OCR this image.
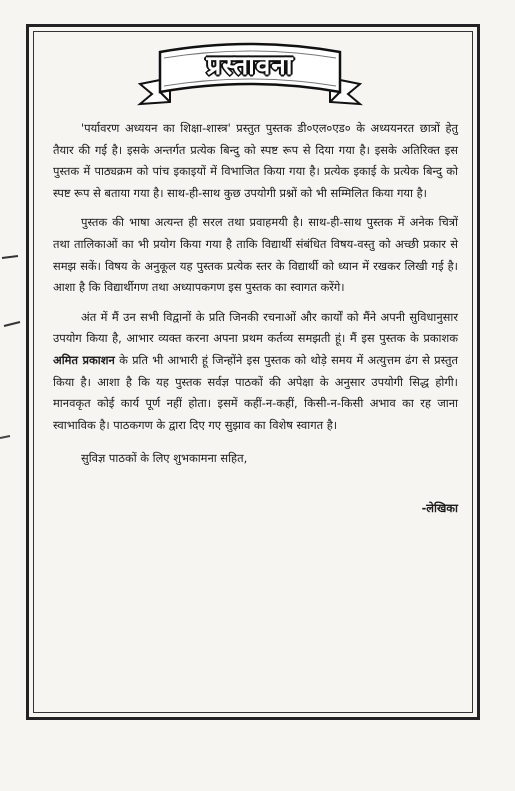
प्रस्तावना

'पर्यावरण अध्ययन का शिक्षा-शास्त्र' प्रस्तुत पुस्तक डी०एल०एड० के अध्ययनरत छात्रों हेतु तैयार की गई है। इसके अन्तर्गत प्रत्येक बिन्दु को स्पष्ट रूप से दिया गया है। इसके अतिरिक्त इस पुस्तक में पाठ्यक्रम को पांच इकाइयों में विभाजित किया गया है। प्रत्येक इकाई के प्रत्येक बिन्दु को स्पष्ट रूप से बताया गया है। साथ-ही-साथ कुछ उपयोगी प्रश्नों को भी सम्मिलित किया गया है।

पुस्तक की भाषा अत्यन्त ही सरल तथा प्रवाहमयी है। साथ-ही-साथ पुस्तक में अनेक चित्रों तथा तालिकाओं का भी प्रयोग किया गया है ताकि विद्यार्थी संबंधित विषय-वस्तु को अच्छी प्रकार से समझ सकें। विषय के अनुकूल यह पुस्तक प्रत्येक स्तर के विद्यार्थी को ध्यान में रखकर लिखी गई है। आशा है कि विद्यार्थीगण तथा अध्यापकगण इस पुस्तक का स्वागत करेंगे।

अंत में मैं उन सभी विद्वानों के प्रति जिनकी रचनाओं और कार्यों को मैंने अपनी सुविधानुसार उपयोग किया है, आभार व्यक्त करना अपना प्रथम कर्तव्य समझती हूं। मैं इस पुस्तक के प्रकाशक अमित प्रकाशन के प्रति भी आभारी हूं जिन्होंने इस पुस्तक को थोड़े समय में अत्युत्तम ढंग से प्रस्तुत किया है। आशा है कि यह पुस्तक सर्वज्ञ पाठकों की अपेक्षा के अनुसार उपयोगी सिद्ध होगी। मानवकृत कोई कार्य पूर्ण नहीं होता। इसमें कहीं-न-कहीं, किसी-न-किसी अभाव का रह जाना स्वाभाविक है। पाठकगण के द्वारा दिए गए सुझाव का विशेष स्वागत है।

सुविज्ञ पाठकों के लिए शुभकामना सहित,

-लेखिका
